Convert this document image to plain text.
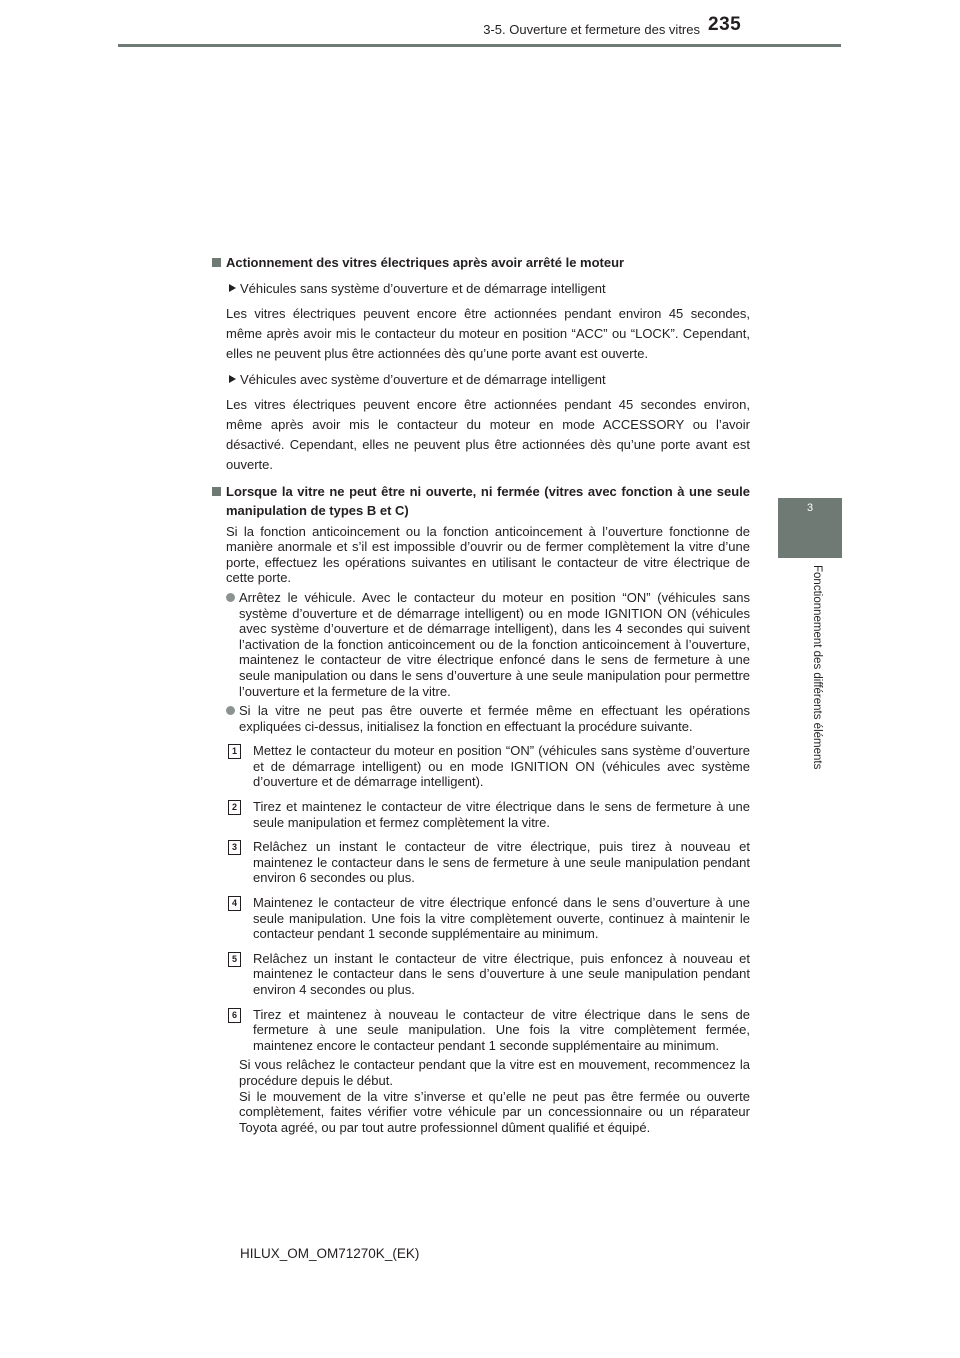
3-5. Ouverture et fermeture des vitres 235
3
Fonctionnement des différents éléments
Actionnement des vitres électriques après avoir arrêté le moteur
Véhicules sans système d’ouverture et de démarrage intelligent
Les vitres électriques peuvent encore être actionnées pendant environ 45 secondes, même après avoir mis le contacteur du moteur en position “ACC” ou “LOCK”. Cependant, elles ne peuvent plus être actionnées dès qu’une porte avant est ouverte.
Véhicules avec système d’ouverture et de démarrage intelligent
Les vitres électriques peuvent encore être actionnées pendant 45 secondes environ, même après avoir mis le contacteur du moteur en mode ACCESSORY ou l’avoir désactivé. Cependant, elles ne peuvent plus être actionnées dès qu’une porte avant est ouverte.
Lorsque la vitre ne peut être ni ouverte, ni fermée (vitres avec fonction à une seule manipulation de types B et C)
Si la fonction anticoincement ou la fonction anticoincement à l’ouverture fonctionne de manière anormale et s’il est impossible d’ouvrir ou de fermer complètement la vitre d’une porte, effectuez les opérations suivantes en utilisant le contacteur de vitre électrique de cette porte.
Arrêtez le véhicule. Avec le contacteur du moteur en position “ON” (véhicules sans système d’ouverture et de démarrage intelligent) ou en mode IGNITION ON (véhicules avec système d’ouverture et de démarrage intelligent), dans les 4 secondes qui suivent l’activation de la fonction anticoincement ou de la fonction anticoincement à l’ouverture, maintenez le contacteur de vitre électrique enfoncé dans le sens de fermeture à une seule manipulation ou dans le sens d’ouverture à une seule manipulation pour permettre l’ouverture et la fermeture de la vitre.
Si la vitre ne peut pas être ouverte et fermée même en effectuant les opérations expliquées ci-dessus, initialisez la fonction en effectuant la procédure suivante.
1	Mettez le contacteur du moteur en position “ON” (véhicules sans système d’ouverture et de démarrage intelligent) ou en mode IGNITION ON (véhicules avec système d’ouverture et de démarrage intelligent).
2	Tirez et maintenez le contacteur de vitre électrique dans le sens de fermeture à une seule manipulation et fermez complètement la vitre.
3	Relâchez un instant le contacteur de vitre électrique, puis tirez à nouveau et maintenez le contacteur dans le sens de fermeture à une seule manipulation pendant environ 6 secondes ou plus.
4	Maintenez le contacteur de vitre électrique enfoncé dans le sens d’ouverture à une seule manipulation. Une fois la vitre complètement ouverte, continuez à maintenir le contacteur pendant 1 seconde supplémentaire au minimum.
5	Relâchez un instant le contacteur de vitre électrique, puis enfoncez à nouveau et maintenez le contacteur dans le sens d’ouverture à une seule manipulation pendant environ 4 secondes ou plus.
6	Tirez et maintenez à nouveau le contacteur de vitre électrique dans le sens de fermeture à une seule manipulation. Une fois la vitre complètement fermée, maintenez encore le contacteur pendant 1 seconde supplémentaire au minimum.
Si vous relâchez le contacteur pendant que la vitre est en mouvement, recommencez la procédure depuis le début.
Si le mouvement de la vitre s’inverse et qu’elle ne peut pas être fermée ou ouverte complètement, faites vérifier votre véhicule par un concessionnaire ou un réparateur Toyota agréé, ou par tout autre professionnel dûment qualifié et équipé.
HILUX_OM_OM71270K_(EK)
